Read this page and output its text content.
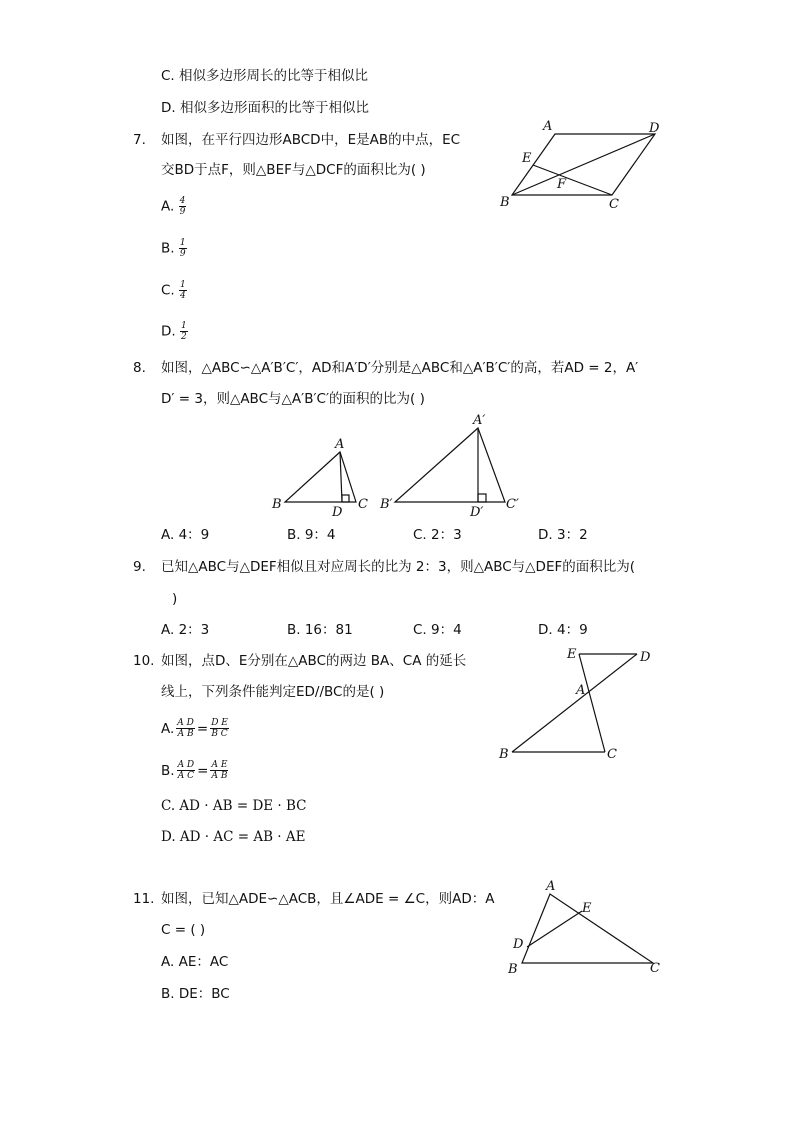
C. 相似多边形周长的比等于相似比
D. 相似多边形面积的比等于相似比
7. 如图，在平行四边形ABCD中，E是AB的中点，EC
交BD于点F，则△BEF与△DCF的面积比为( )
A. $\frac{4}{9}$
B. $\frac{1}{9}$
C. $\frac{1}{4}$
D. $\frac{1}{2}$
A	D
E
F
B	C
8. 如图，△ABC∽△A′B′C′，AD和A′D′分别是△ABC和△A′B′C′的高，若AD = 2，A′
D′ = 3，则△ABC与△A′B′C′的面积的比为( )
A
B	C
D
A′
B′	C′
D′
A. 4：9	B. 9：4	C. 2：3	D. 3：2
9. 已知△ABC与△DEF相似且对应周长的比为 2：3，则△ABC与△DEF的面积比为(
)
A. 2：3	B. 16：81	C. 9：4	D. 4：9
10. 如图，点D、E分别在△ABC的两边 BA、CA 的延长
线上，下列条件能判定ED//BC的是( )
A. $\frac{\text{A D}}{\text{A B}} = \frac{\text{D E}}{\text{B C}}$
B. $\frac{\text{A D}}{\text{A C}} = \frac{\text{A E}}{\text{A B}}$
C. AD · AB = DE · BC
D. AD · AC = AB · AE
E	D
A
B	C
11. 如图，已知△ADE∽△ACB，且∠ADE = ∠C，则AD：A
C = ( )
A. AE：AC
B. DE：BC
A
E
D
B	C
